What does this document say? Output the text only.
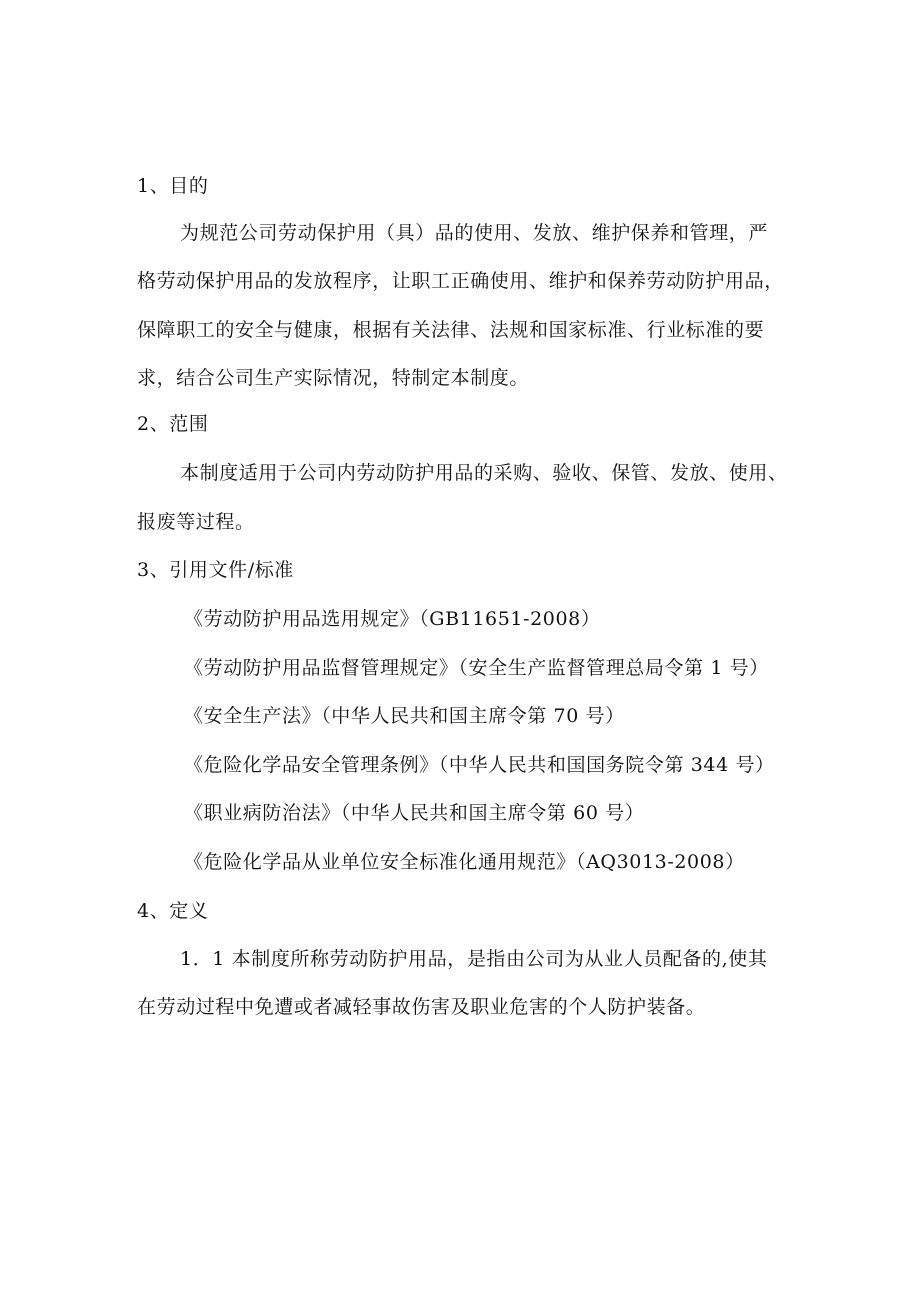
1、目的
为规范公司劳动保护用（具）品的使用、发放、维护保养和管理，严
格劳动保护用品的发放程序，让职工正确使用、维护和保养劳动防护用品，
保障职工的安全与健康，根据有关法律、法规和国家标准、行业标准的要
求，结合公司生产实际情况，特制定本制度。
2、范围
本制度适用于公司内劳动防护用品的采购、验收、保管、发放、使用、
报废等过程。
3、引用文件/标准
《劳动防护用品选用规定》（GB11651-2008）
《劳动防护用品监督管理规定》（安全生产监督管理总局令第 1 号）
《安全生产法》（中华人民共和国主席令第 70 号）
《危险化学品安全管理条例》（中华人民共和国国务院令第 344 号）
《职业病防治法》（中华人民共和国主席令第 60 号）
《危险化学品从业单位安全标准化通用规范》（AQ3013-2008）
4、定义
1．1 本制度所称劳动防护用品，是指由公司为从业人员配备的,使其
在劳动过程中免遭或者减轻事故伤害及职业危害的个人防护装备。
